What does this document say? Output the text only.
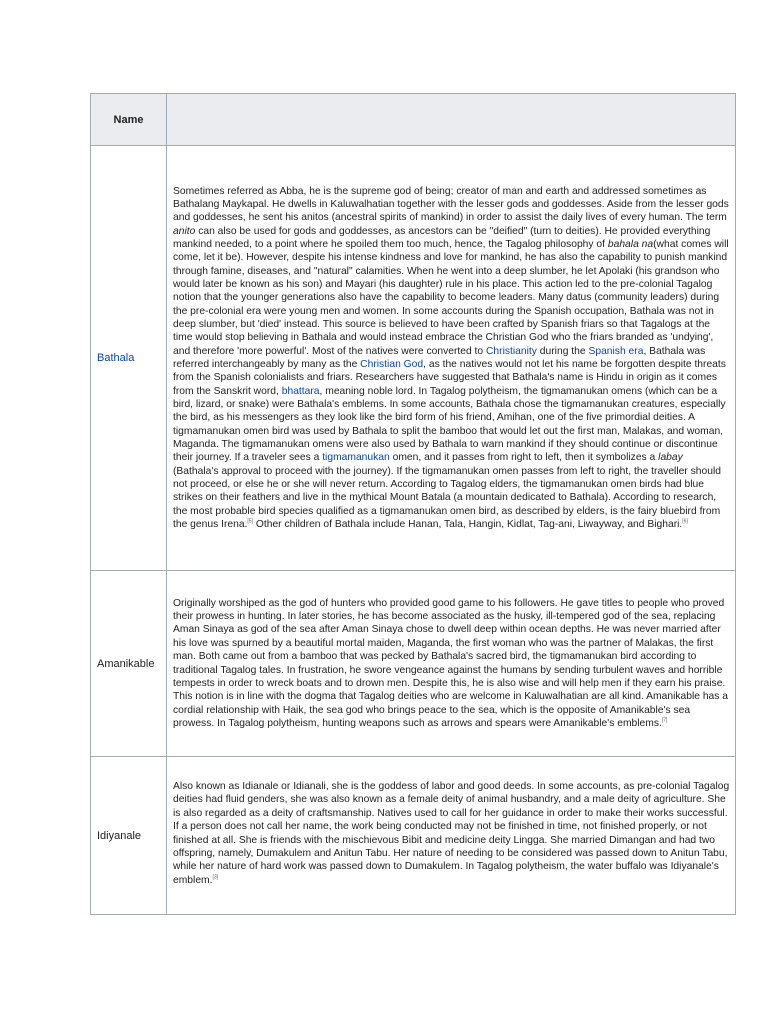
Name	
Bathala	Sometimes referred as Abba, he is the supreme god of being; creator of man and earth and addressed sometimes as Bathalang Maykapal. He dwells in Kaluwalhatian together with the lesser gods and goddesses. Aside from the lesser gods and goddesses, he sent his anitos (ancestral spirits of mankind) in order to assist the daily lives of every human. The term anito can also be used for gods and goddesses, as ancestors can be "deified" (turn to deities). He provided everything mankind needed, to a point where he spoiled them too much, hence, the Tagalog philosophy of bahala na(what comes will come, let it be). However, despite his intense kindness and love for mankind, he has also the capability to punish mankind through famine, diseases, and "natural" calamities. When he went into a deep slumber, he let Apolaki (his grandson who would later be known as his son) and Mayari (his daughter) rule in his place. This action led to the pre-colonial Tagalog notion that the younger generations also have the capability to become leaders. Many datus (community leaders) during the pre-colonial era were young men and women. In some accounts during the Spanish occupation, Bathala was not in deep slumber, but 'died' instead. This source is believed to have been crafted by Spanish friars so that Tagalogs at the time would stop believing in Bathala and would instead embrace the Christian God who the friars branded as 'undying', and therefore 'more powerful'. Most of the natives were converted to Christianity during the Spanish era, Bathala was referred interchangeably by many as the Christian God, as the natives would not let his name be forgotten despite threats from the Spanish colonialists and friars. Researchers have suggested that Bathala's name is Hindu in origin as it comes from the Sanskrit word, bhattara, meaning noble lord. In Tagalog polytheism, the tigmamanukan omens (which can be a bird, lizard, or snake) were Bathala's emblems. In some accounts, Bathala chose the tigmamanukan creatures, especially the bird, as his messengers as they look like the bird form of his friend, Amihan, one of the five primordial deities. A tigmamanukan omen bird was used by Bathala to split the bamboo that would let out the first man, Malakas, and woman, Maganda. The tigmamanukan omens were also used by Bathala to warn mankind if they should continue or discontinue their journey. If a traveler sees a tigmamanukan omen, and it passes from right to left, then it symbolizes a labay (Bathala's approval to proceed with the journey). If the tigmamanukan omen passes from left to right, the traveller should not proceed, or else he or she will never return. According to Tagalog elders, the tigmamanukan omen birds had blue strikes on their feathers and live in the mythical Mount Batala (a mountain dedicated to Bathala). According to research, the most probable bird species qualified as a tigmamanukan omen bird, as described by elders, is the fairy bluebird from the genus Irena.[5] Other children of Bathala include Hanan, Tala, Hangin, Kidlat, Tag-ani, Liwayway, and Bighari.[6]
Amanikable	Originally worshiped as the god of hunters who provided good game to his followers. He gave titles to people who proved their prowess in hunting. In later stories, he has become associated as the husky, ill-tempered god of the sea, replacing Aman Sinaya as god of the sea after Aman Sinaya chose to dwell deep within ocean depths. He was never married after his love was spurned by a beautiful mortal maiden, Maganda, the first woman who was the partner of Malakas, the first man. Both came out from a bamboo that was pecked by Bathala's sacred bird, the tigmamanukan bird according to traditional Tagalog tales. In frustration, he swore vengeance against the humans by sending turbulent waves and horrible tempests in order to wreck boats and to drown men. Despite this, he is also wise and will help men if they earn his praise. This notion is in line with the dogma that Tagalog deities who are welcome in Kaluwalhatian are all kind. Amanikable has a cordial relationship with Haik, the sea god who brings peace to the sea, which is the opposite of Amanikable's sea prowess. In Tagalog polytheism, hunting weapons such as arrows and spears were Amanikable's emblems.[7]
Idiyanale	Also known as Idianale or Idianali, she is the goddess of labor and good deeds. In some accounts, as pre-colonial Tagalog deities had fluid genders, she was also known as a female deity of animal husbandry, and a male deity of agriculture. She is also regarded as a deity of craftsmanship. Natives used to call for her guidance in order to make their works successful. If a person does not call her name, the work being conducted may not be finished in time, not finished properly, or not finished at all. She is friends with the mischievous Bibit and medicine deity Lingga. She married Dimangan and had two offspring, namely, Dumakulem and Anitun Tabu. Her nature of needing to be considered was passed down to Anitun Tabu, while her nature of hard work was passed down to Dumakulem. In Tagalog polytheism, the water buffalo was Idiyanale's emblem.[3]
